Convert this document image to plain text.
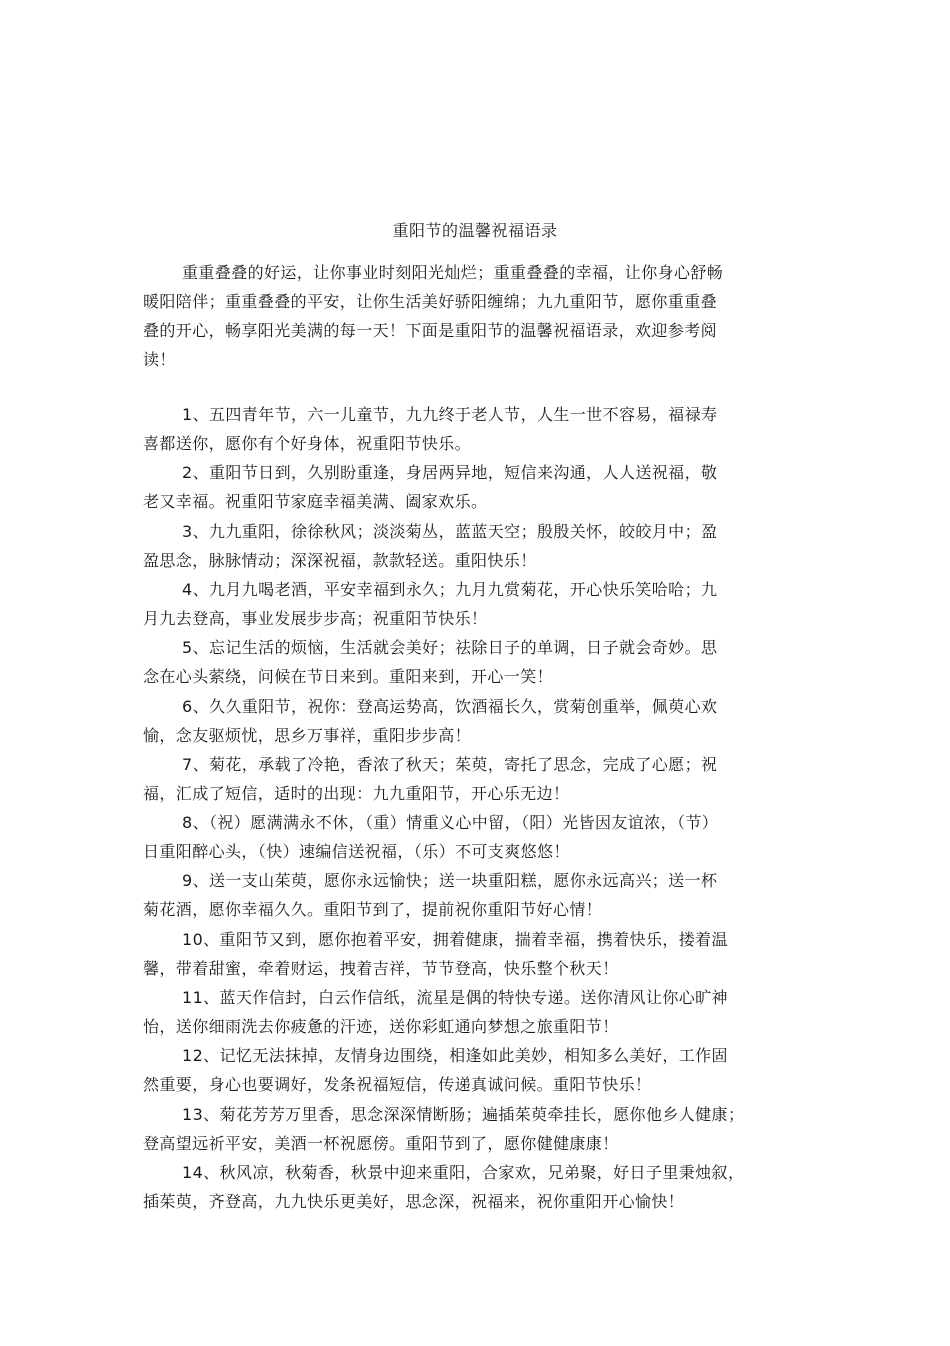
重阳节的温馨祝福语录
重重叠叠的好运，让你事业时刻阳光灿烂；重重叠叠的幸福，让你身心舒畅
暖阳陪伴；重重叠叠的平安，让你生活美好骄阳缠绵；九九重阳节，愿你重重叠
叠的开心，畅享阳光美满的每一天！下面是重阳节的温馨祝福语录，欢迎参考阅
读！
1、五四青年节，六一儿童节，九九终于老人节，人生一世不容易，福禄寿
喜都送你，愿你有个好身体，祝重阳节快乐。
2、重阳节日到，久别盼重逢，身居两异地，短信来沟通，人人送祝福，敬
老又幸福。祝重阳节家庭幸福美满、阖家欢乐。
3、九九重阳，徐徐秋风；淡淡菊丛，蓝蓝天空；殷殷关怀，皎皎月中；盈
盈思念，脉脉情动；深深祝福，款款轻送。重阳快乐！
4、九月九喝老酒，平安幸福到永久；九月九赏菊花，开心快乐笑哈哈；九
月九去登高，事业发展步步高；祝重阳节快乐！
5、忘记生活的烦恼，生活就会美好；祛除日子的单调，日子就会奇妙。思
念在心头萦绕，问候在节日来到。重阳来到，开心一笑！
6、久久重阳节，祝你：登高运势高，饮酒福长久，赏菊创重举，佩萸心欢
愉，念友驱烦忧，思乡万事祥，重阳步步高！
7、菊花，承载了冷艳，香浓了秋天；茱萸，寄托了思念，完成了心愿；祝
福，汇成了短信，适时的出现：九九重阳节，开心乐无边！
8、（祝）愿满满永不休，（重）情重义心中留，（阳）光皆因友谊浓，（节）
日重阳醉心头，（快）速编信送祝福，（乐）不可支爽悠悠！
9、送一支山茱萸，愿你永远愉快；送一块重阳糕，愿你永远高兴；送一杯
菊花酒，愿你幸福久久。重阳节到了，提前祝你重阳节好心情！
10、重阳节又到，愿你抱着平安，拥着健康，揣着幸福，携着快乐，搂着温
馨，带着甜蜜，牵着财运，拽着吉祥，节节登高，快乐整个秋天！
11、蓝天作信封，白云作信纸，流星是偶的特快专递。送你清风让你心旷神
怡，送你细雨洗去你疲惫的汗迹，送你彩虹通向梦想之旅重阳节！
12、记忆无法抹掉，友情身边围绕，相逢如此美妙，相知多么美好，工作固
然重要，身心也要调好，发条祝福短信，传递真诚问候。重阳节快乐！
13、菊花芳芳万里香，思念深深情断肠；遍插茱萸牵挂长，愿你他乡人健康；
登高望远祈平安，美酒一杯祝愿傍。重阳节到了，愿你健健康康！
14、秋风凉，秋菊香，秋景中迎来重阳，合家欢，兄弟聚，好日子里秉烛叙，
插茱萸，齐登高，九九快乐更美好，思念深，祝福来，祝你重阳开心愉快！
